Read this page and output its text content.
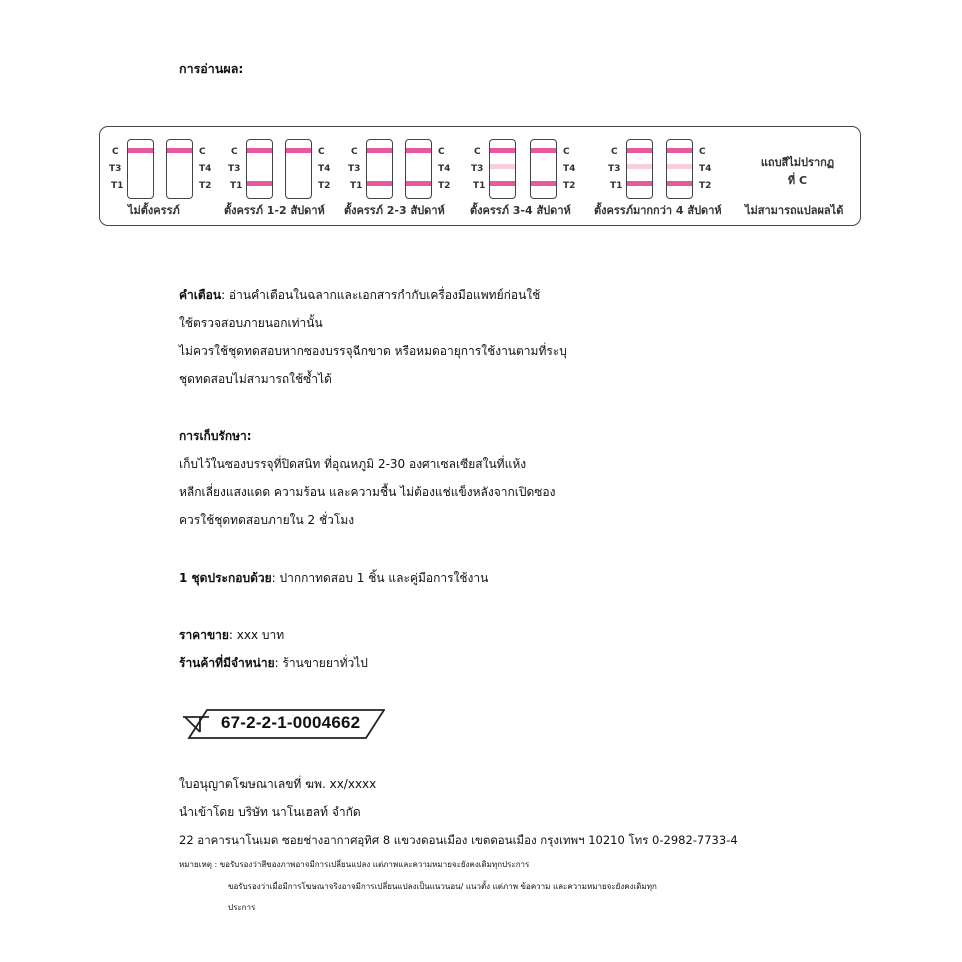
การอ่านผล:
C
T3
T1
C
T4
T2
ไม่ตั้งครรภ์
C
T3
T1
C
T4
T2
ตั้งครรภ์ 1-2 สัปดาห์
C
T3
T1
C
T4
T2
ตั้งครรภ์ 2-3 สัปดาห์
C
T3
T1
C
T4
T2
ตั้งครรภ์ 3-4 สัปดาห์
C
T3
T1
C
T4
T2
ตั้งครรภ์มากกว่า 4 สัปดาห์
แถบสีไม่ปรากฏ
ที่ C
ไม่สามารถแปลผลได้
คำเตือน: อ่านคำเตือนในฉลากและเอกสารกำกับเครื่องมือแพทย์ก่อนใช้
ใช้ตรวจสอบภายนอกเท่านั้น
ไม่ควรใช้ชุดทดสอบหากซองบรรจุฉีกขาด หรือหมดอายุการใช้งานตามที่ระบุ
ชุดทดสอบไม่สามารถใช้ซ้ำได้
การเก็บรักษา:
เก็บไว้ในซองบรรจุที่ปิดสนิท ที่อุณหภูมิ 2-30 องศาเซลเซียสในที่แห้ง
หลีกเลี่ยงแสงแดด ความร้อน และความชื้น ไม่ต้องแช่แข็งหลังจากเปิดซอง
ควรใช้ชุดทดสอบภายใน 2 ชั่วโมง
1 ชุดประกอบด้วย: ปากกาทดสอบ 1 ชิ้น และคู่มือการใช้งาน
ราคาขาย: xxx บาท
ร้านค้าที่มีจำหน่าย: ร้านขายยาทั่วไป
67-2-2-1-0004662
ใบอนุญาตโฆษณาเลขที่ ฆพ. xx/xxxx
นำเข้าโดย บริษัท นาโนเฮลท์ จำกัด
22 อาคารนาโนเมด ซอยช่างอากาศอุทิศ 8 แขวงดอนเมือง เขตดอนเมือง กรุงเทพฯ 10210 โทร 0-2982-7733-4
หมายเหตุ : ขอรับรองว่าสีของภาพอาจมีการเปลี่ยนแปลง แต่ภาพและความหมายจะยังคงเดิมทุกประการ
ขอรับรองว่าเมื่อมีการโฆษณาจริงอาจมีการเปลี่ยนแปลงเป็นแนวนอน/ แนวตั้ง แต่ภาพ ข้อความ และความหมายจะยังคงเดิมทุก
ประการ
